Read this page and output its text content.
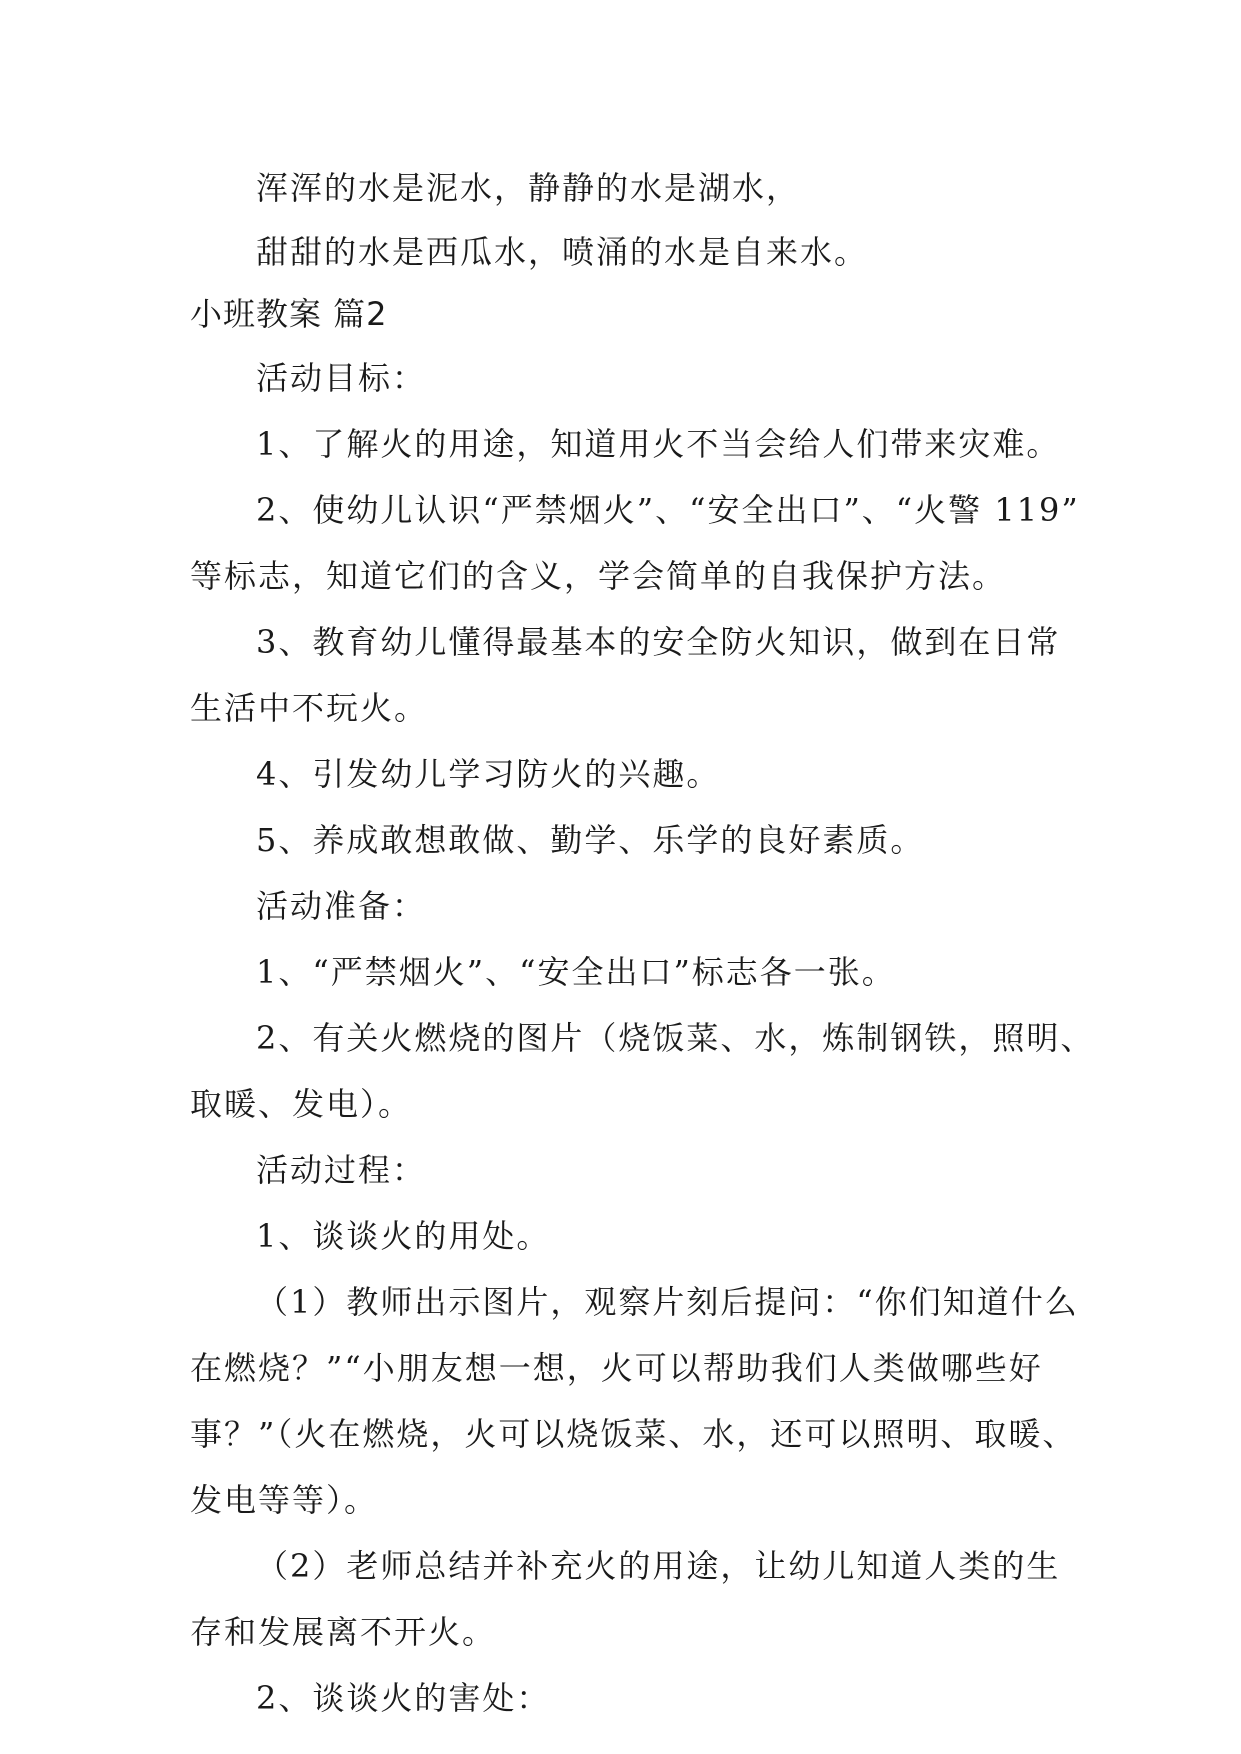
浑浑的水是泥水，静静的水是湖水，
甜甜的水是西瓜水，喷涌的水是自来水。
小班教案 篇2
活动目标：
1、了解火的用途，知道用火不当会给人们带来灾难。
2、使幼儿认识“严禁烟火”、“安全出口”、“火警 119”
等标志，知道它们的含义，学会简单的自我保护方法。
3、教育幼儿懂得最基本的安全防火知识，做到在日常
生活中不玩火。
4、引发幼儿学习防火的兴趣。
5、养成敢想敢做、勤学、乐学的良好素质。
活动准备：
1、“严禁烟火”、“安全出口”标志各一张。
2、有关火燃烧的图片（烧饭菜、水，炼制钢铁，照明、
取暖、发电）。
活动过程：
1、谈谈火的用处。
（1）教师出示图片，观察片刻后提问：“你们知道什么
在燃烧？”“小朋友想一想，火可以帮助我们人类做哪些好
事？”（火在燃烧，火可以烧饭菜、水，还可以照明、取暖、
发电等等）。
（2）老师总结并补充火的用途，让幼儿知道人类的生
存和发展离不开火。
2、谈谈火的害处：
